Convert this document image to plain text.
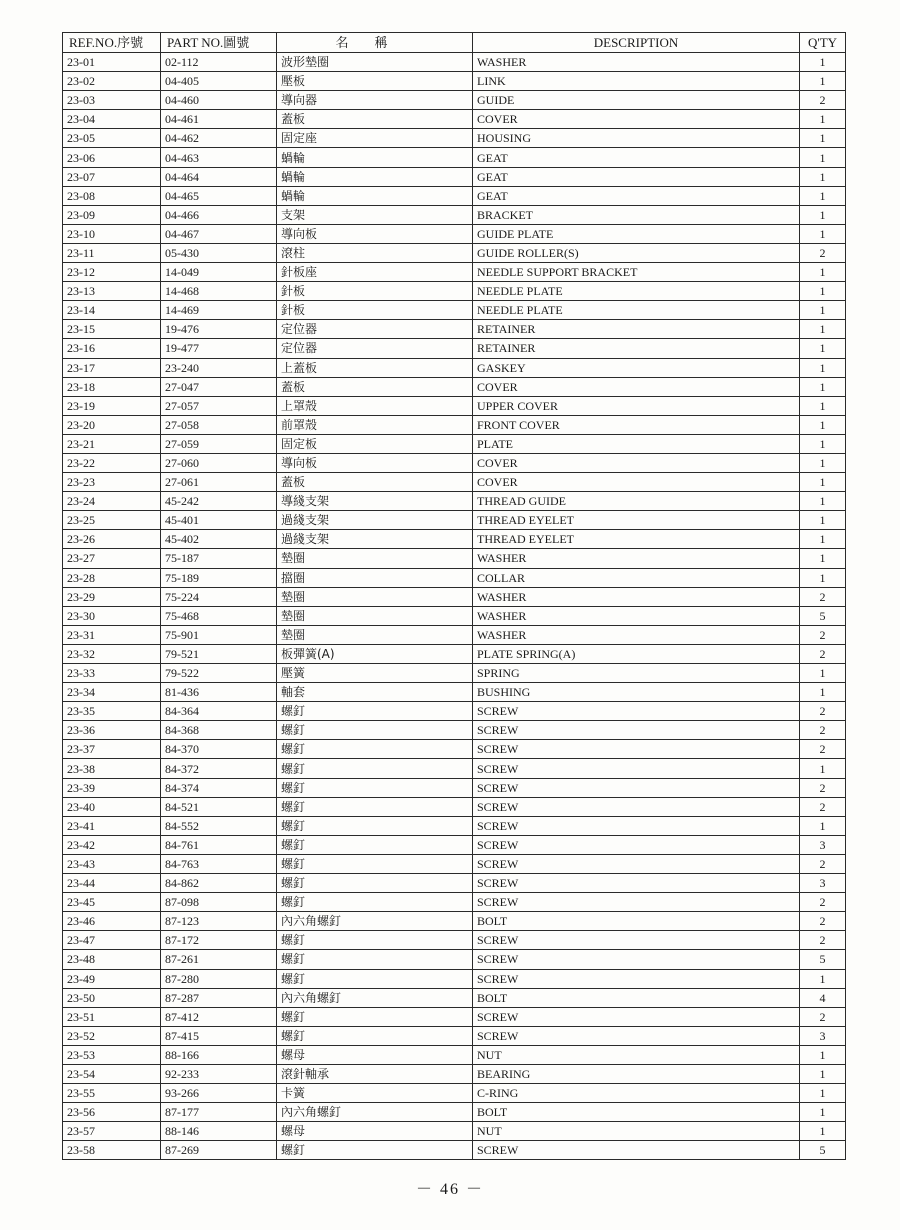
REF.NO.序號	PART NO.圖號	名稱	DESCRIPTION	Q'TY
23-01	02-112	波形墊圈	WASHER	1
23-02	04-405	壓板	LINK	1
23-03	04-460	導向器	GUIDE	2
23-04	04-461	蓋板	COVER	1
23-05	04-462	固定座	HOUSING	1
23-06	04-463	蝸輪	GEAT	1
23-07	04-464	蝸輪	GEAT	1
23-08	04-465	蝸輪	GEAT	1
23-09	04-466	支架	BRACKET	1
23-10	04-467	導向板	GUIDE PLATE	1
23-11	05-430	滾柱	GUIDE ROLLER(S)	2
23-12	14-049	針板座	NEEDLE SUPPORT BRACKET	1
23-13	14-468	針板	NEEDLE PLATE	1
23-14	14-469	針板	NEEDLE PLATE	1
23-15	19-476	定位器	RETAINER	1
23-16	19-477	定位器	RETAINER	1
23-17	23-240	上蓋板	GASKEY	1
23-18	27-047	蓋板	COVER	1
23-19	27-057	上罩殼	UPPER COVER	1
23-20	27-058	前罩殼	FRONT COVER	1
23-21	27-059	固定板	PLATE	1
23-22	27-060	導向板	COVER	1
23-23	27-061	蓋板	COVER	1
23-24	45-242	導綫支架	THREAD GUIDE	1
23-25	45-401	過綫支架	THREAD EYELET	1
23-26	45-402	過綫支架	THREAD EYELET	1
23-27	75-187	墊圈	WASHER	1
23-28	75-189	擋圈	COLLAR	1
23-29	75-224	墊圈	WASHER	2
23-30	75-468	墊圈	WASHER	5
23-31	75-901	墊圈	WASHER	2
23-32	79-521	板彈簧(A)	PLATE SPRING(A)	2
23-33	79-522	壓簧	SPRING	1
23-34	81-436	軸套	BUSHING	1
23-35	84-364	螺釘	SCREW	2
23-36	84-368	螺釘	SCREW	2
23-37	84-370	螺釘	SCREW	2
23-38	84-372	螺釘	SCREW	1
23-39	84-374	螺釘	SCREW	2
23-40	84-521	螺釘	SCREW	2
23-41	84-552	螺釘	SCREW	1
23-42	84-761	螺釘	SCREW	3
23-43	84-763	螺釘	SCREW	2
23-44	84-862	螺釘	SCREW	3
23-45	87-098	螺釘	SCREW	2
23-46	87-123	內六角螺釘	BOLT	2
23-47	87-172	螺釘	SCREW	2
23-48	87-261	螺釘	SCREW	5
23-49	87-280	螺釘	SCREW	1
23-50	87-287	內六角螺釘	BOLT	4
23-51	87-412	螺釘	SCREW	2
23-52	87-415	螺釘	SCREW	3
23-53	88-166	螺母	NUT	1
23-54	92-233	滾針軸承	BEARING	1
23-55	93-266	卡簧	C-RING	1
23-56	87-177	內六角螺釘	BOLT	1
23-57	88-146	螺母	NUT	1
23-58	87-269	螺釘	SCREW	5
－ 46 －
